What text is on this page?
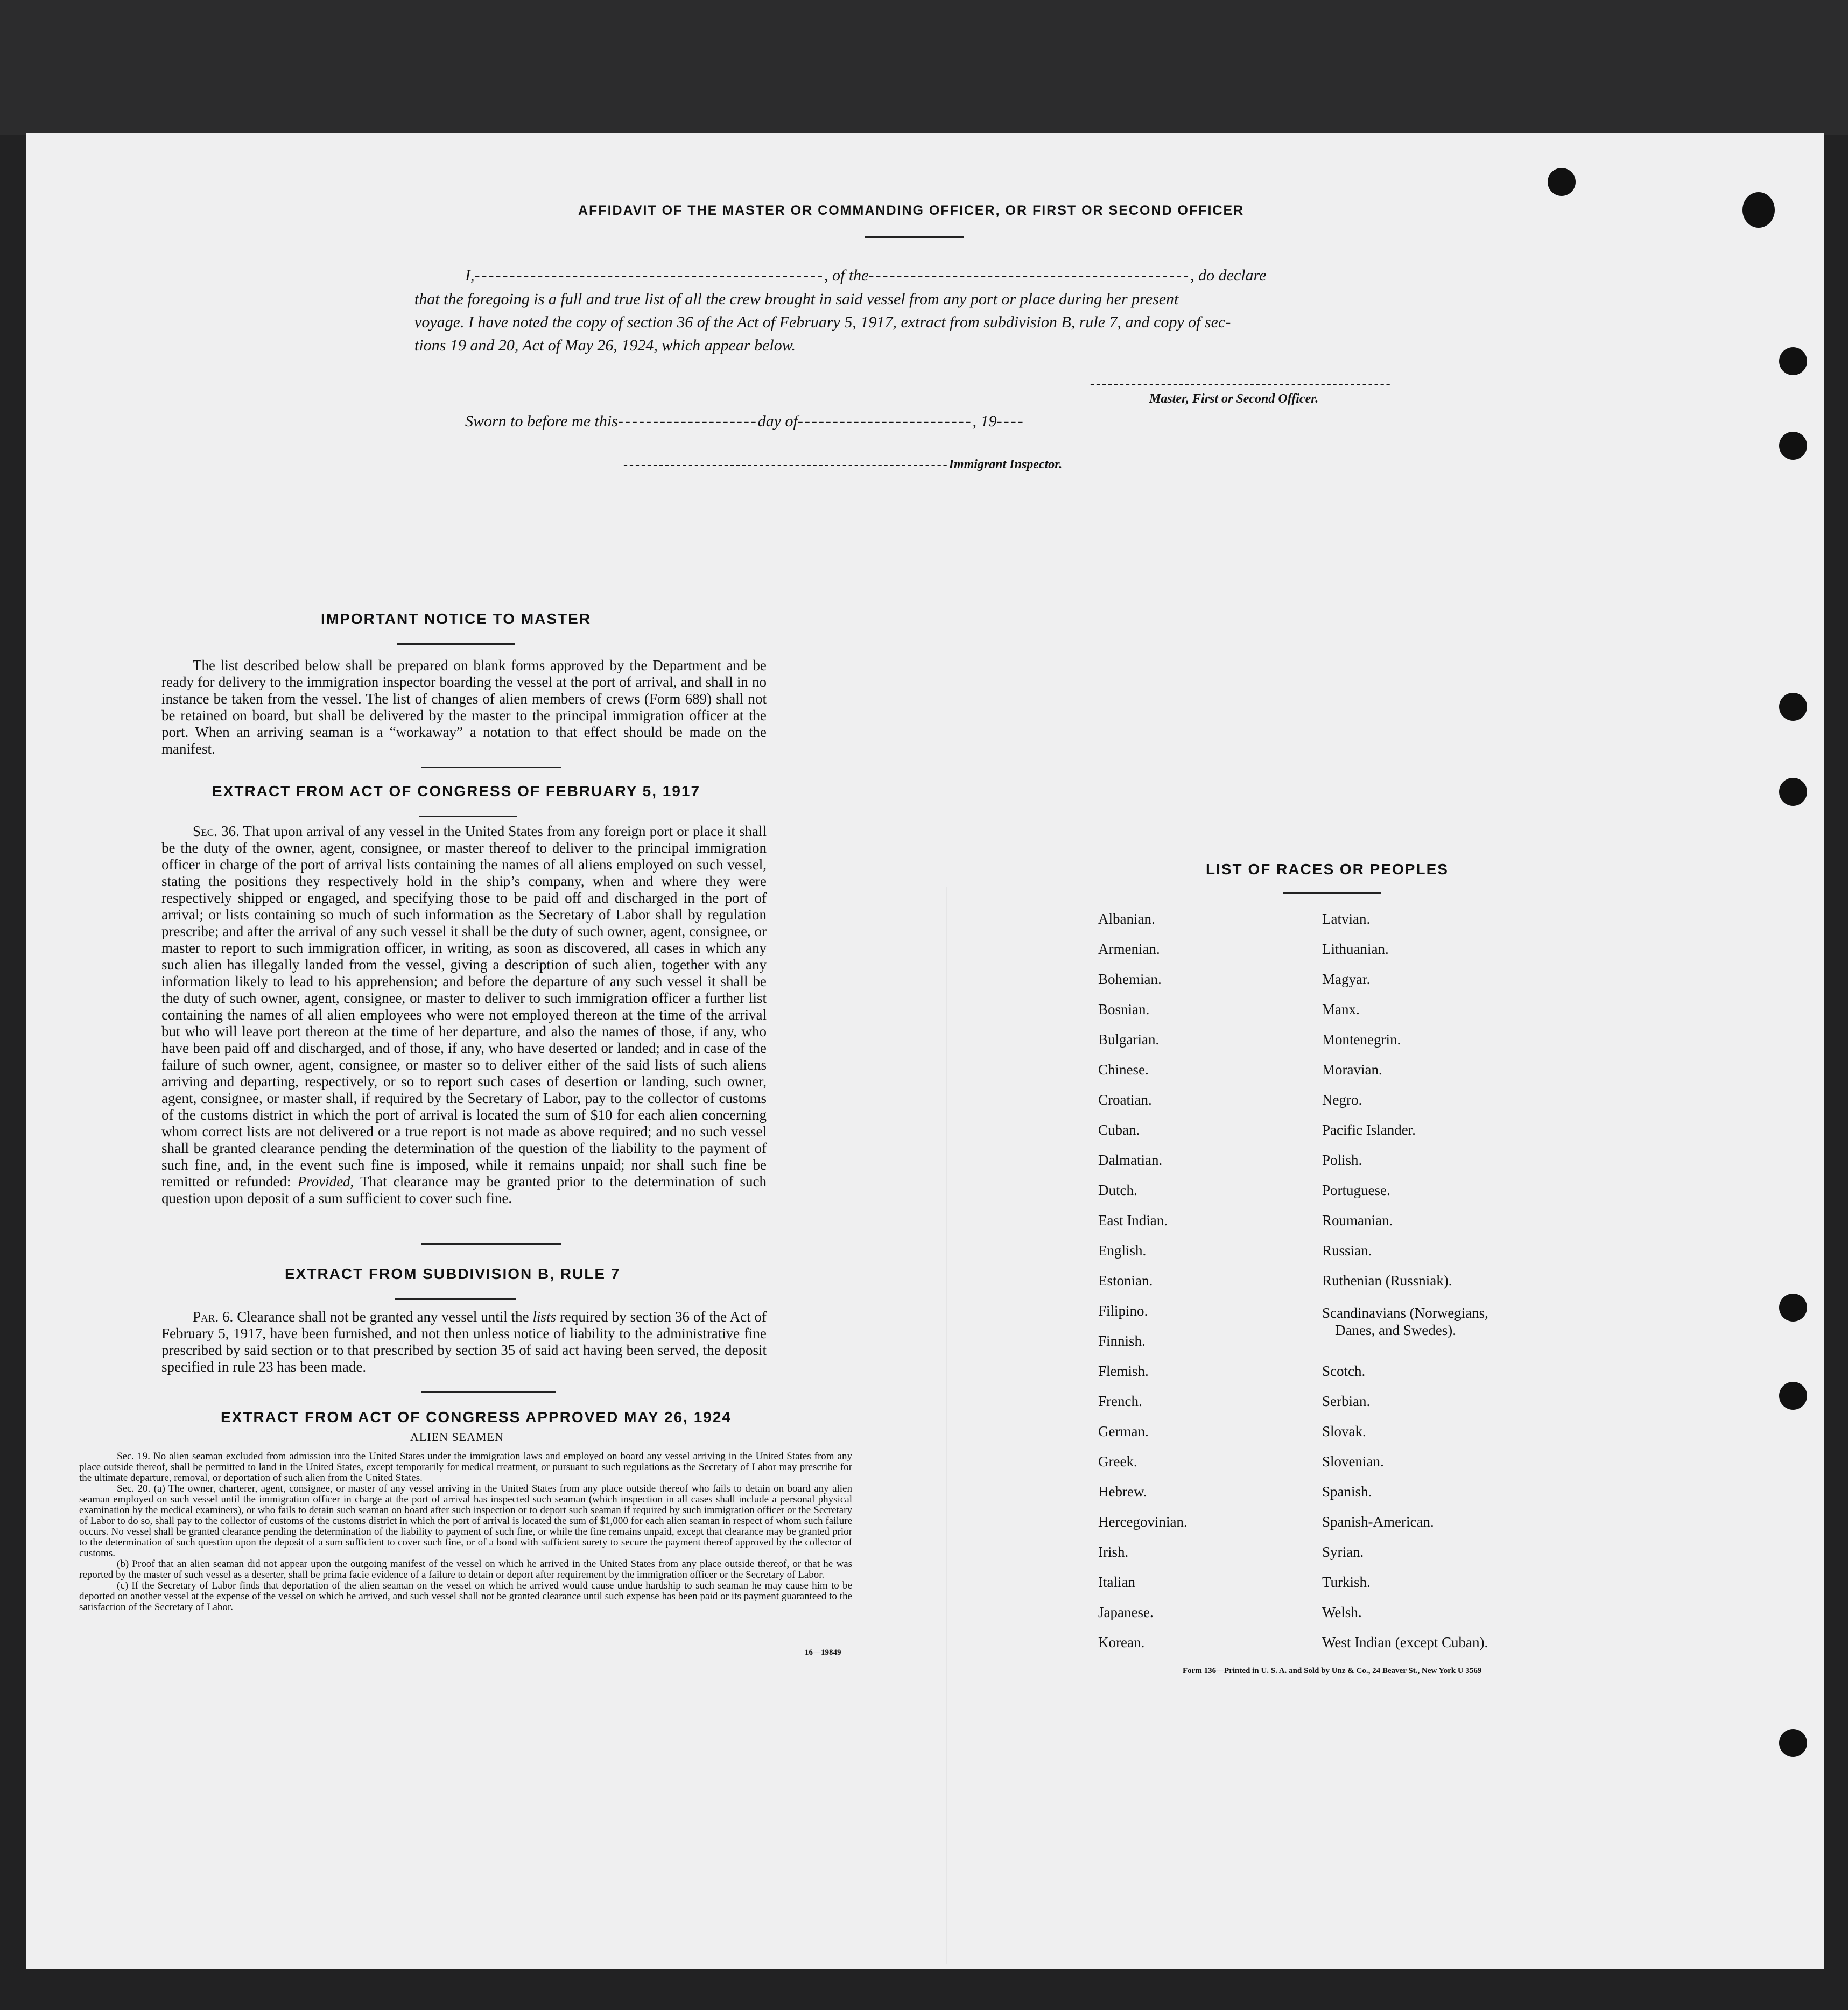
AFFIDAVIT OF THE MASTER OR COMMANDING OFFICER, OR FIRST OR SECOND OFFICER
I,--------------------------------------------------, of the----------------------------------------------, do declare
that the foregoing is a full and true list of all the crew brought in said vessel from any port or place during her present
voyage. I have noted the copy of section 36 of the Act of February 5, 1917, extract from subdivision B, rule 7, and copy of sec-
tions 19 and 20, Act of May 26, 1924, which appear below.
---------------------------------------------------
Master, First or Second Officer.
Sworn to before me this--------------------day of-------------------------, 19----
-------------------------------------------------------Immigrant Inspector.
IMPORTANT NOTICE TO MASTER
The list described below shall be prepared on blank forms approved by the Department and be ready for delivery to the immigration inspector boarding the vessel at the port of arrival, and shall in no instance be taken from the vessel. The list of changes of alien members of crews (Form 689) shall not be retained on board, but shall be delivered by the master to the principal immigration officer at the port. When an arriving seaman is a “workaway” a notation to that effect should be made on the manifest.
EXTRACT FROM ACT OF CONGRESS OF FEBRUARY 5, 1917
Sec. 36. That upon arrival of any vessel in the United States from any foreign port or place it shall be the duty of the owner, agent, consignee, or master thereof to deliver to the principal immigration officer in charge of the port of arrival lists containing the names of all aliens employed on such vessel, stating the positions they respectively hold in the ship’s company, when and where they were respectively shipped or engaged, and specifying those to be paid off and discharged in the port of arrival; or lists containing so much of such information as the Secretary of Labor shall by regulation prescribe; and after the arrival of any such vessel it shall be the duty of such owner, agent, consignee, or master to report to such immigration officer, in writing, as soon as discovered, all cases in which any such alien has illegally landed from the vessel, giving a description of such alien, together with any information likely to lead to his apprehension; and before the departure of any such vessel it shall be the duty of such owner, agent, consignee, or master to deliver to such immigration officer a further list containing the names of all alien employees who were not employed thereon at the time of the arrival but who will leave port thereon at the time of her departure, and also the names of those, if any, who have been paid off and discharged, and of those, if any, who have deserted or landed; and in case of the failure of such owner, agent, consignee, or master so to deliver either of the said lists of such aliens arriving and departing, respectively, or so to report such cases of desertion or landing, such owner, agent, consignee, or master shall, if required by the Secretary of Labor, pay to the collector of customs of the customs district in which the port of arrival is located the sum of $10 for each alien concerning whom correct lists are not delivered or a true report is not made as above required; and no such vessel shall be granted clearance pending the determination of the question of the liability to the payment of such fine, and, in the event such fine is imposed, while it remains unpaid; nor shall such fine be remitted or refunded: Provided, That clearance may be granted prior to the determination of such question upon deposit of a sum sufficient to cover such fine.
EXTRACT FROM SUBDIVISION B, RULE 7
Par. 6. Clearance shall not be granted any vessel until the lists required by section 36 of the Act of February 5, 1917, have been furnished, and not then unless notice of liability to the administrative fine prescribed by said section or to that prescribed by section 35 of said act having been served, the deposit specified in rule 23 has been made.
EXTRACT FROM ACT OF CONGRESS APPROVED MAY 26, 1924
ALIEN SEAMEN
Sec. 19. No alien seaman excluded from admission into the United States under the immigration laws and employed on board any vessel arriving in the United States from any place outside thereof, shall be permitted to land in the United States, except temporarily for medical treatment, or pursuant to such regulations as the Secretary of Labor may prescribe for the ultimate departure, removal, or deportation of such alien from the United States.
Sec. 20. (a) The owner, charterer, agent, consignee, or master of any vessel arriving in the United States from any place outside thereof who fails to detain on board any alien seaman employed on such vessel until the immigration officer in charge at the port of arrival has inspected such seaman (which inspection in all cases shall include a personal physical examination by the medical examiners), or who fails to detain such seaman on board after such inspection or to deport such seaman if required by such immigration officer or the Secretary of Labor to do so, shall pay to the collector of customs of the customs district in which the port of arrival is located the sum of $1,000 for each alien seaman in respect of whom such failure occurs. No vessel shall be granted clearance pending the determination of the liability to payment of such fine, or while the fine remains unpaid, except that clearance may be granted prior to the determination of such question upon the deposit of a sum sufficient to cover such fine, or of a bond with sufficient surety to secure the payment thereof approved by the collector of customs.
(b) Proof that an alien seaman did not appear upon the outgoing manifest of the vessel on which he arrived in the United States from any place outside thereof, or that he was reported by the master of such vessel as a deserter, shall be prima facie evidence of a failure to detain or deport after requirement by the immigration officer or the Secretary of Labor.
(c) If the Secretary of Labor finds that deportation of the alien seaman on the vessel on which he arrived would cause undue hardship to such seaman he may cause him to be deported on another vessel at the expense of the vessel on which he arrived, and such vessel shall not be granted clearance until such expense has been paid or its payment guaranteed to the satisfaction of the Secretary of Labor.
16—19849
LIST OF RACES OR PEOPLES
Albanian.
Armenian.
Bohemian.
Bosnian.
Bulgarian.
Chinese.
Croatian.
Cuban.
Dalmatian.
Dutch.
East Indian.
English.
Estonian.
Filipino.
Finnish.
Flemish.
French.
German.
Greek.
Hebrew.
Hercegovinian.
Irish.
Italian
Japanese.
Korean.
Latvian.
Lithuanian.
Magyar.
Manx.
Montenegrin.
Moravian.
Negro.
Pacific Islander.
Polish.
Portuguese.
Roumanian.
Russian.
Ruthenian (Russniak).
Scandinavians (Norwegians,
Danes, and Swedes).
Scotch.
Serbian.
Slovak.
Slovenian.
Spanish.
Spanish-American.
Syrian.
Turkish.
Welsh.
West Indian (except Cuban).
Form 136—Printed in U. S. A. and Sold by Unz & Co., 24 Beaver St., New York U 3569
